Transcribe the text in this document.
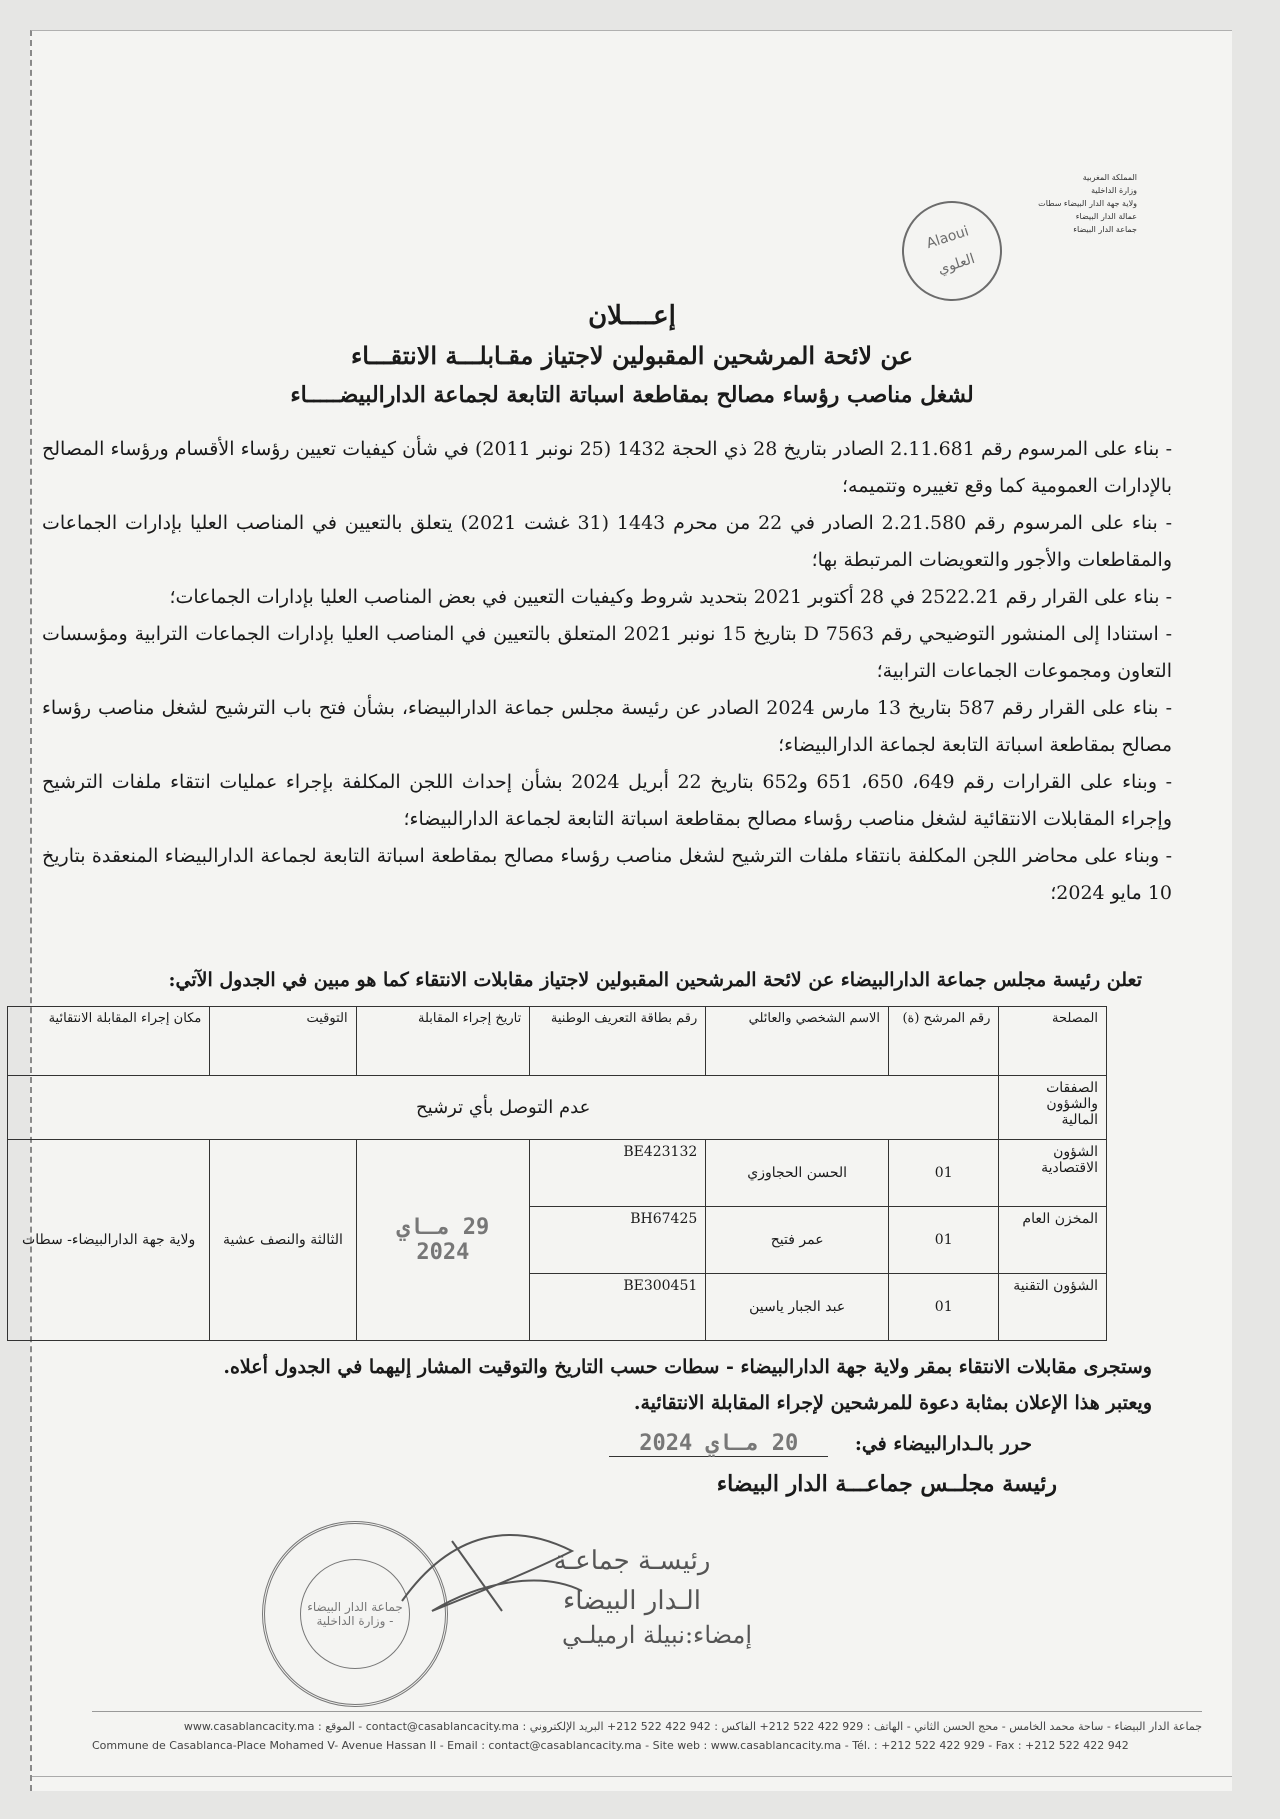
المملكة المغربية
وزارة الداخلية
ولاية جهة الدار البيضاء سطات
عمالة الدار البيضاء
جماعة الدار البيضاء
Alaoui
العلوي
إعــــلان
عن لائحة المرشحين المقبولين لاجتياز مقـابلـــة الانتقـــاء
لشغل مناصب رؤساء مصالح بمقاطعة اسباتة التابعة لجماعة الدارالبيضـــــاء

- بناء على المرسوم رقم 2.11.681 الصادر بتاريخ 28 ذي الحجة 1432 (25 نونبر 2011) في شأن كيفيات تعيين رؤساء الأقسام ورؤساء المصالح بالإدارات العمومية كما وقع تغييره وتتميمه؛

- بناء على المرسوم رقم 2.21.580 الصادر في 22 من محرم 1443 (31 غشت 2021) يتعلق بالتعيين في المناصب العليا بإدارات الجماعات والمقاطعات والأجور والتعويضات المرتبطة بها؛

- بناء على القرار رقم 2522.21 في 28 أكتوبر 2021 بتحديد شروط وكيفيات التعيين في بعض المناصب العليا بإدارات الجماعات؛

- استنادا إلى المنشور التوضيحي رقم D 7563 بتاريخ 15 نونبر 2021 المتعلق بالتعيين في المناصب العليا بإدارات الجماعات الترابية ومؤسسات التعاون ومجموعات الجماعات الترابية؛

- بناء على القرار رقم 587 بتاريخ 13 مارس 2024 الصادر عن رئيسة مجلس جماعة الدارالبيضاء، بشأن فتح باب الترشيح لشغل مناصب رؤساء مصالح بمقاطعة اسباتة التابعة لجماعة الدارالبيضاء؛

- وبناء على القرارات رقم 649، 650، 651 و652 بتاريخ 22 أبريل 2024 بشأن إحداث اللجن المكلفة بإجراء عمليات انتقاء ملفات الترشيح وإجراء المقابلات الانتقائية لشغل مناصب رؤساء مصالح بمقاطعة اسباتة التابعة لجماعة الدارالبيضاء؛

- وبناء على محاضر اللجن المكلفة بانتقاء ملفات الترشيح لشغل مناصب رؤساء مصالح بمقاطعة اسباتة التابعة لجماعة الدارالبيضاء المنعقدة بتاريخ 10 مايو 2024؛

تعلن رئيسة مجلس جماعة الدارالبيضاء عن لائحة المرشحين المقبولين لاجتياز مقابلات الانتقاء كما هو مبين في الجدول الآتي:
المصلحة	رقم المرشح (ة)	الاسم الشخصي والعائلي	رقم بطاقة التعريف الوطنية	تاريخ إجراء المقابلة	التوقيت	مكان إجراء المقابلة الانتقائية
الصفقات والشؤون المالية	عدم التوصل بأي ترشيح					
الشؤون الاقتصادية	01	الحسن الحجاوزي	BE423132	29 مـاي 2024	الثالثة والنصف عشية	ولاية جهة الدارالبيضاء- سطات
المخزن العام	01	عمر فتيح	BH67425			
الشؤون التقنية	01	عبد الجبار ياسين	BE300451			
وستجرى مقابلات الانتقاء بمقر ولاية جهة الدارالبيضاء - سطات حسب التاريخ والتوقيت المشار إليهما في الجدول أعلاه.
ويعتبر هذا الإعلان بمثابة دعوة للمرشحين لإجراء المقابلة الانتقائية.
حرر بالـدارالبيضاء في: 20 مـاي 2024
رئيسة مجلــس جماعـــة الدار البيضاء
جماعة الدار البيضاء - وزارة الداخلية
رئيسـة جماعـة
الـدار البيضاء
إمضاء:نبيلة ارميلـي
جماعة الدار البيضاء - ساحة محمد الخامس - محج الحسن الثاني - الهاتف : 929 422 522 212+ الفاكس : 942 422 522 212+ البريد الإلكتروني : contact@casablancacity.ma - الموقع : www.casablancacity.ma
Commune de Casablanca-Place Mohamed V- Avenue Hassan II - Email : contact@casablancacity.ma - Site web : www.casablancacity.ma - Tél. : +212 522 422 929 - Fax : +212 522 422 942
